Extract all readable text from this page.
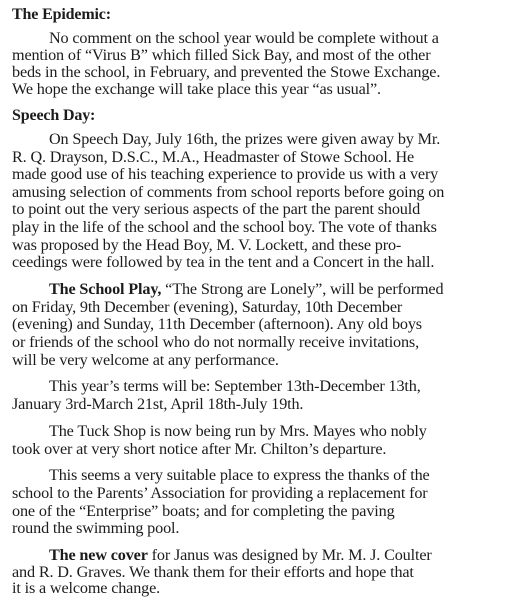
The Epidemic:
No comment on the school year would be complete without a
mention of “Virus B” which filled Sick Bay, and most of the other
beds in the school, in February, and prevented the Stowe Exchange.
We hope the exchange will take place this year “as usual”.
Speech Day:
On Speech Day, July 16th, the prizes were given away by Mr.
R. Q. Drayson, D.S.C., M.A., Headmaster of Stowe School. He
made good use of his teaching experience to provide us with a very
amusing selection of comments from school reports before going on
to point out the very serious aspects of the part the parent should
play in the life of the school and the school boy. The vote of thanks
was proposed by the Head Boy, M. V. Lockett, and these pro-
ceedings were followed by tea in the tent and a Concert in the hall.
The School Play, “The Strong are Lonely”, will be performed
on Friday, 9th December (evening), Saturday, 10th December
(evening) and Sunday, 11th December (afternoon). Any old boys
or friends of the school who do not normally receive invitations,
will be very welcome at any performance.
This year’s terms will be: September 13th-December 13th,
January 3rd-March 21st, April 18th-July 19th.
The Tuck Shop is now being run by Mrs. Mayes who nobly
took over at very short notice after Mr. Chilton’s departure.
This seems a very suitable place to express the thanks of the
school to the Parents’ Association for providing a replacement for
one of the “Enterprise” boats; and for completing the paving
round the swimming pool.
The new cover for Janus was designed by Mr. M. J. Coulter
and R. D. Graves. We thank them for their efforts and hope that
it is a welcome change.
